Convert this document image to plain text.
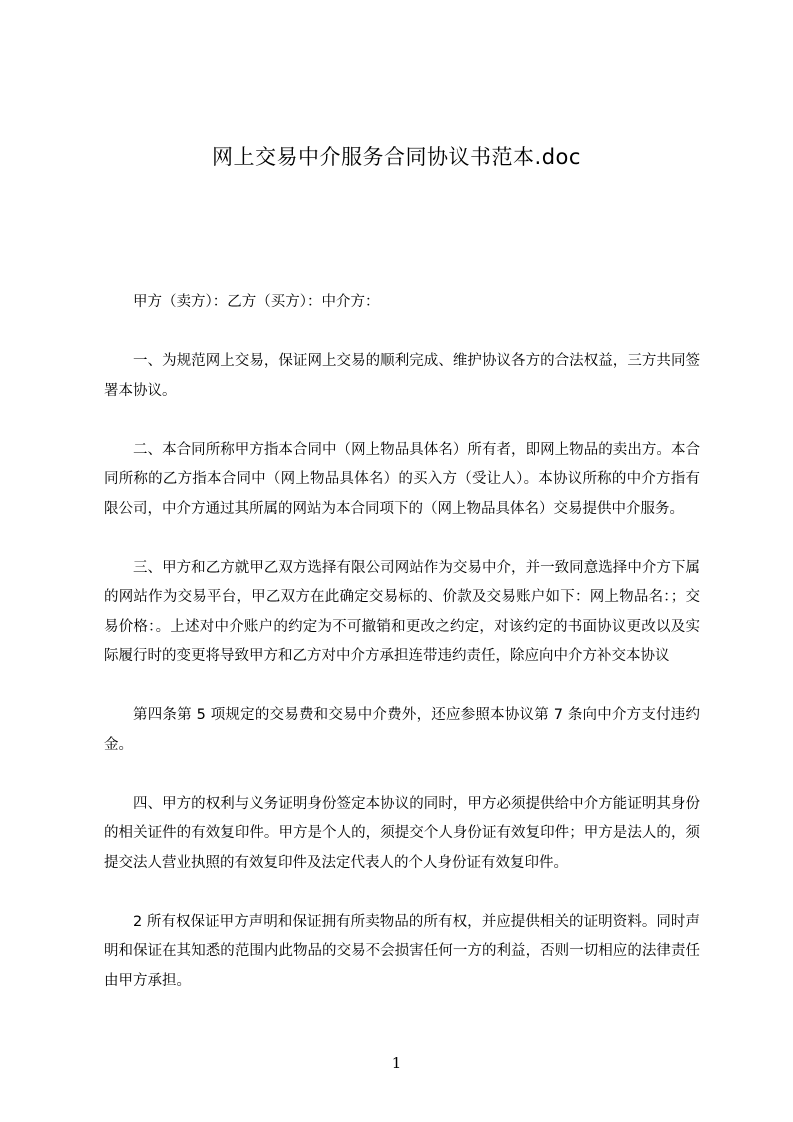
网上交易中介服务合同协议书范本.doc

甲方（卖方）：乙方（买方）：中介方：

一、为规范网上交易，保证网上交易的顺利完成、维护协议各方的合法权益，三方共同签署本协议。

二、本合同所称甲方指本合同中（网上物品具体名）所有者，即网上物品的卖出方。本合同所称的乙方指本合同中（网上物品具体名）的买入方（受让人）。本协议所称的中介方指有限公司，中介方通过其所属的网站为本合同项下的（网上物品具体名）交易提供中介服务。

三、甲方和乙方就甲乙双方选择有限公司网站作为交易中介，并一致同意选择中介方下属的网站作为交易平台，甲乙双方在此确定交易标的、价款及交易账户如下：网上物品名：；交易价格：。上述对中介账户的约定为不可撤销和更改之约定，对该约定的书面协议更改以及实际履行时的变更将导致甲方和乙方对中介方承担连带违约责任，除应向中介方补交本协议

第四条第 5 项规定的交易费和交易中介费外，还应参照本协议第 7 条向中介方支付违约金。

四、甲方的权利与义务证明身份签定本协议的同时，甲方必须提供给中介方能证明其身份的相关证件的有效复印件。甲方是个人的，须提交个人身份证有效复印件；甲方是法人的，须提交法人营业执照的有效复印件及法定代表人的个人身份证有效复印件。

2 所有权保证甲方声明和保证拥有所卖物品的所有权，并应提供相关的证明资料。同时声明和保证在其知悉的范围内此物品的交易不会损害任何一方的利益，否则一切相应的法律责任由甲方承担。

1
